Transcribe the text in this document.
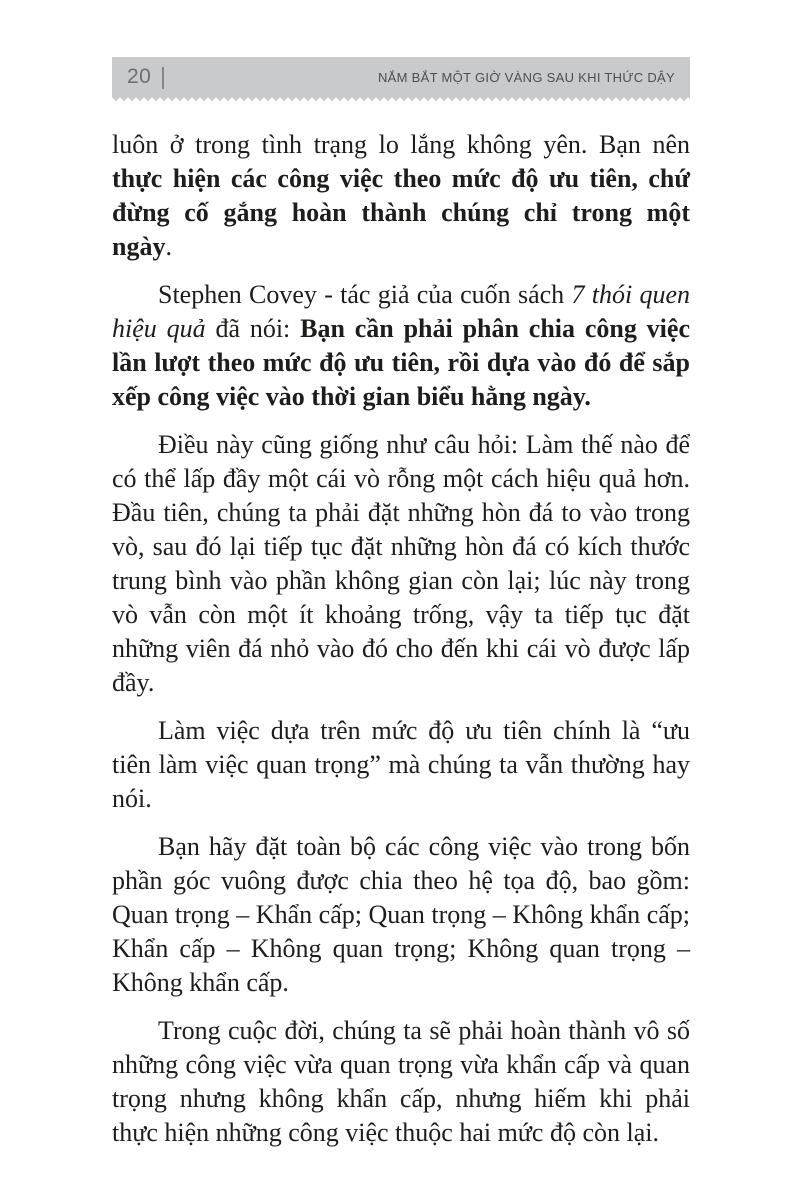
20 |	NẮM BẮT MỘT GIỜ VÀNG SAU KHI THỨC DẬY

luôn ở trong tình trạng lo lắng không yên. Bạn nên thực hiện các công việc theo mức độ ưu tiên, chứ đừng cố gắng hoàn thành chúng chỉ trong một ngày.

Stephen Covey - tác giả của cuốn sách 7 thói quen hiệu quả đã nói: Bạn cần phải phân chia công việc lần lượt theo mức độ ưu tiên, rồi dựa vào đó để sắp xếp công việc vào thời gian biểu hằng ngày.

Điều này cũng giống như câu hỏi: Làm thế nào để có thể lấp đầy một cái vò rỗng một cách hiệu quả hơn. Đầu tiên, chúng ta phải đặt những hòn đá to vào trong vò, sau đó lại tiếp tục đặt những hòn đá có kích thước trung bình vào phần không gian còn lại; lúc này trong vò vẫn còn một ít khoảng trống, vậy ta tiếp tục đặt những viên đá nhỏ vào đó cho đến khi cái vò được lấp đầy.

Làm việc dựa trên mức độ ưu tiên chính là “ưu tiên làm việc quan trọng” mà chúng ta vẫn thường hay nói.

Bạn hãy đặt toàn bộ các công việc vào trong bốn phần góc vuông được chia theo hệ tọa độ, bao gồm: Quan trọng – Khẩn cấp; Quan trọng – Không khẩn cấp; Khẩn cấp – Không quan trọng; Không quan trọng – Không khẩn cấp.

Trong cuộc đời, chúng ta sẽ phải hoàn thành vô số những công việc vừa quan trọng vừa khẩn cấp và quan trọng nhưng không khẩn cấp, nhưng hiếm khi phải thực hiện những công việc thuộc hai mức độ còn lại.
